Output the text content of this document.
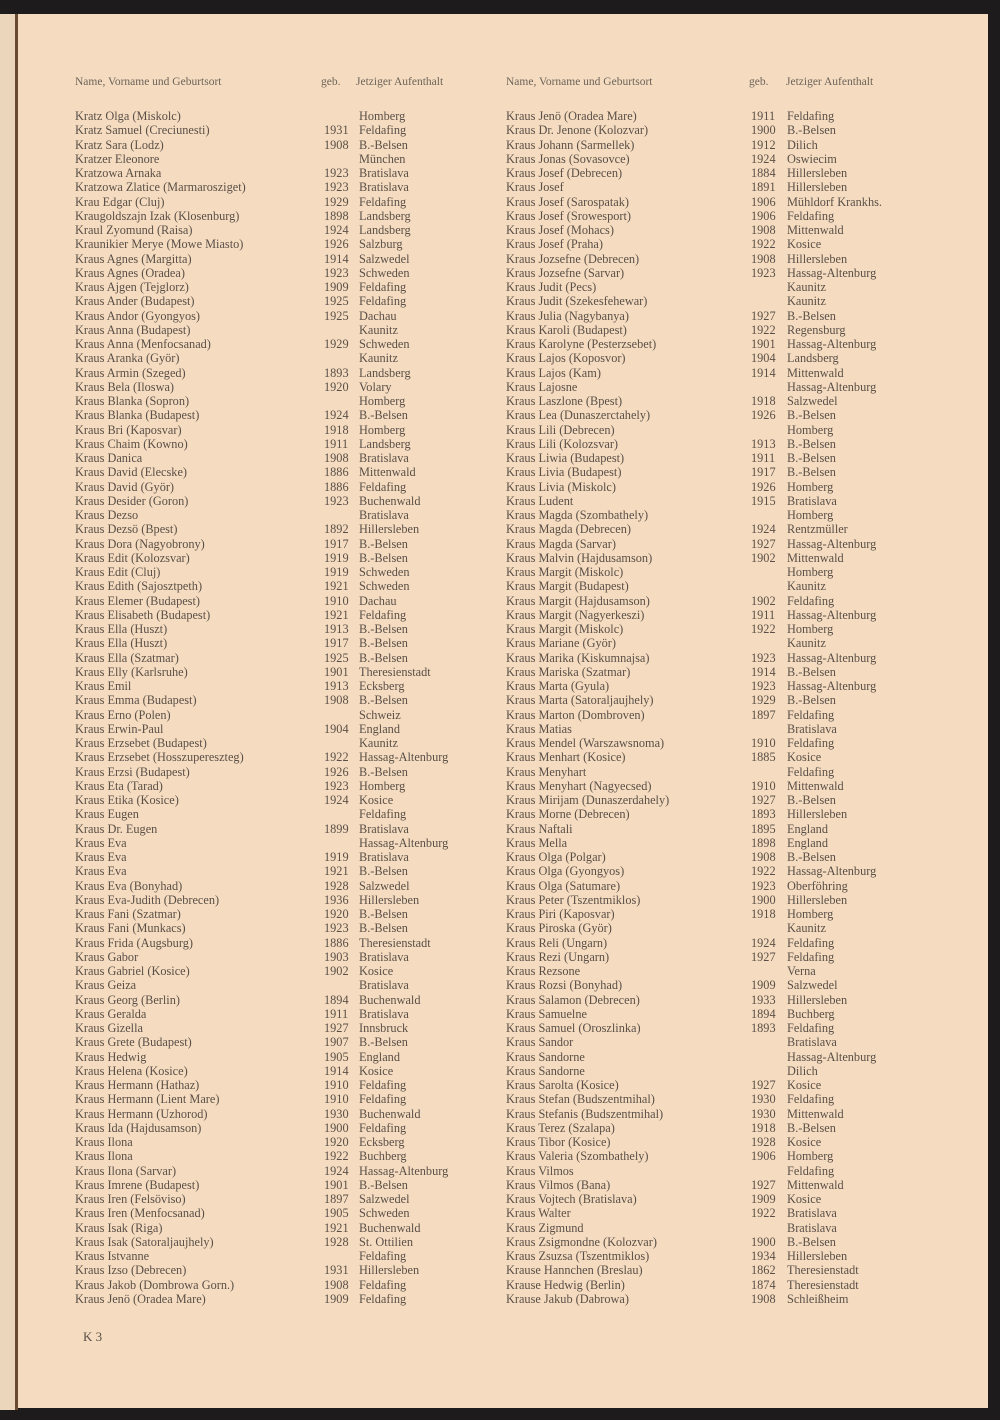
Name, Vorname und Geburtsort	geb. Jetziger Aufenthalt
Kratz Olga (Miskolc)	Homberg
Kratz Samuel (Creciunesti)	1931 Feldafing
Kratz Sara (Lodz)	1908 B.-Belsen
Kratzer Eleonore	München
Kratzowa Arnaka	1923 Bratislava
Kratzowa Zlatice (Marmarosziget)	1923 Bratislava
Krau Edgar (Cluj)	1929 Feldafing
Kraugoldszajn Izak (Klosenburg)	1898 Landsberg
Kraul Zyomund (Raisa)	1924 Landsberg
Kraunikier Merye (Mowe Miasto)	1926 Salzburg
Kraus Agnes (Margitta)	1914 Salzwedel
Kraus Agnes (Oradea)	1923 Schweden
Kraus Ajgen (Tejglorz)	1909 Feldafing
Kraus Ander (Budapest)	1925 Feldafing
Kraus Andor (Gyongyos)	1925 Dachau
Kraus Anna (Budapest)	Kaunitz
Kraus Anna (Menfocsanad)	1929 Schweden
Kraus Aranka (Györ)	Kaunitz
Kraus Armin (Szeged)	1893 Landsberg
Kraus Bela (Iloswa)	1920 Volary
Kraus Blanka (Sopron)	Homberg
Kraus Blanka (Budapest)	1924 B.-Belsen
Kraus Bri (Kaposvar)	1918 Homberg
Kraus Chaim (Kowno)	1911 Landsberg
Kraus Danica	1908 Bratislava
Kraus David (Elecske)	1886 Mittenwald
Kraus David (Györ)	1886 Feldafing
Kraus Desider (Goron)	1923 Buchenwald
Kraus Dezso	Bratislava
Kraus Dezsö (Bpest)	1892 Hillersleben
Kraus Dora (Nagyobrony)	1917 B.-Belsen
Kraus Edit (Kolozsvar)	1919 B.-Belsen
Kraus Edit (Cluj)	1919 Schweden
Kraus Edith (Sajosztpeth)	1921 Schweden
Kraus Elemer (Budapest)	1910 Dachau
Kraus Elisabeth (Budapest)	1921 Feldafing
Kraus Ella (Huszt)	1913 B.-Belsen
Kraus Ella (Huszt)	1917 B.-Belsen
Kraus Ella (Szatmar)	1925 B.-Belsen
Kraus Elly (Karlsruhe)	1901 Theresienstadt
Kraus Emil	1913 Ecksberg
Kraus Emma (Budapest)	1908 B.-Belsen
Kraus Erno (Polen)	Schweiz
Kraus Erwin-Paul	1904 England
Kraus Erzsebet (Budapest)	Kaunitz
Kraus Erzsebet (Hosszupereszteg)	1922 Hassag-Altenburg
Kraus Erzsi (Budapest)	1926 B.-Belsen
Kraus Eta (Tarad)	1923 Homberg
Kraus Etika (Kosice)	1924 Kosice
Kraus Eugen	Feldafing
Kraus Dr. Eugen	1899 Bratislava
Kraus Eva	Hassag-Altenburg
Kraus Eva	1919 Bratislava
Kraus Eva	1921 B.-Belsen
Kraus Eva (Bonyhad)	1928 Salzwedel
Kraus Eva-Judith (Debrecen)	1936 Hillersleben
Kraus Fani (Szatmar)	1920 B.-Belsen
Kraus Fani (Munkacs)	1923 B.-Belsen
Kraus Frida (Augsburg)	1886 Theresienstadt
Kraus Gabor	1903 Bratislava
Kraus Gabriel (Kosice)	1902 Kosice
Kraus Geiza	Bratislava
Kraus Georg (Berlin)	1894 Buchenwald
Kraus Geralda	1911 Bratislava
Kraus Gizella	1927 Innsbruck
Kraus Grete (Budapest)	1907 B.-Belsen
Kraus Hedwig	1905 England
Kraus Helena (Kosice)	1914 Kosice
Kraus Hermann (Hathaz)	1910 Feldafing
Kraus Hermann (Lient Mare)	1910 Feldafing
Kraus Hermann (Uzhorod)	1930 Buchenwald
Kraus Ida (Hajdusamson)	1900 Feldafing
Kraus Ilona	1920 Ecksberg
Kraus Ilona	1922 Buchberg
Kraus Ilona (Sarvar)	1924 Hassag-Altenburg
Kraus Imrene (Budapest)	1901 B.-Belsen
Kraus Iren (Felsöviso)	1897 Salzwedel
Kraus Iren (Menfocsanad)	1905 Schweden
Kraus Isak (Riga)	1921 Buchenwald
Kraus Isak (Satoraljaujhely)	1928 St. Ottilien
Kraus Istvanne	Feldafing
Kraus Izso (Debrecen)	1931 Hillersleben
Kraus Jakob (Dombrowa Gorn.)	1908 Feldafing
Kraus Jenö (Oradea Mare)	1909 Feldafing
Name, Vorname und Geburtsort	geb. Jetziger Aufenthalt
Kraus Jenö (Oradea Mare)	1911 Feldafing
Kraus Dr. Jenone (Kolozvar)	1900 B.-Belsen
Kraus Johann (Sarmellek)	1912 Dilich
Kraus Jonas (Sovasovce)	1924 Oswiecim
Kraus Josef (Debrecen)	1884 Hillersleben
Kraus Josef	1891 Hillersleben
Kraus Josef (Sarospatak)	1906 Mühldorf Krankhs.
Kraus Josef (Srowesport)	1906 Feldafing
Kraus Josef (Mohacs)	1908 Mittenwald
Kraus Josef (Praha)	1922 Kosice
Kraus Jozsefne (Debrecen)	1908 Hillersleben
Kraus Jozsefne (Sarvar)	1923 Hassag-Altenburg
Kraus Judit (Pecs)	Kaunitz
Kraus Judit (Szekesfehewar)	Kaunitz
Kraus Julia (Nagybanya)	1927 B.-Belsen
Kraus Karoli (Budapest)	1922 Regensburg
Kraus Karolyne (Pesterzsebet)	1901 Hassag-Altenburg
Kraus Lajos (Koposvor)	1904 Landsberg
Kraus Lajos (Kam)	1914 Mittenwald
Kraus Lajosne	Hassag-Altenburg
Kraus Laszlone (Bpest)	1918 Salzwedel
Kraus Lea (Dunaszerctahely)	1926 B.-Belsen
Kraus Lili (Debrecen)	Homberg
Kraus Lili (Kolozsvar)	1913 B.-Belsen
Kraus Liwia (Budapest)	1911 B.-Belsen
Kraus Livia (Budapest)	1917 B.-Belsen
Kraus Livia (Miskolc)	1926 Homberg
Kraus Ludent	1915 Bratislava
Kraus Magda (Szombathely)	Homberg
Kraus Magda (Debrecen)	1924 Rentzmüller
Kraus Magda (Sarvar)	1927 Hassag-Altenburg
Kraus Malvin (Hajdusamson)	1902 Mittenwald
Kraus Margit (Miskolc)	Homberg
Kraus Margit (Budapest)	Kaunitz
Kraus Margit (Hajdusamson)	1902 Feldafing
Kraus Margit (Nagyerkeszi)	1911 Hassag-Altenburg
Kraus Margit (Miskolc)	1922 Homberg
Kraus Mariane (Györ)	Kaunitz
Kraus Marika (Kiskumnajsa)	1923 Hassag-Altenburg
Kraus Mariska (Szatmar)	1914 B.-Belsen
Kraus Marta (Gyula)	1923 Hassag-Altenburg
Kraus Marta (Satoraljaujhely)	1929 B.-Belsen
Kraus Marton (Dombroven)	1897 Feldafing
Kraus Matias	Bratislava
Kraus Mendel (Warszawsnoma)	1910 Feldafing
Kraus Menhart (Kosice)	1885 Kosice
Kraus Menyhart	Feldafing
Kraus Menyhart (Nagyecsed)	1910 Mittenwald
Kraus Mirijam (Dunaszerdahely)	1927 B.-Belsen
Kraus Morne (Debrecen)	1893 Hillersleben
Kraus Naftali	1895 England
Kraus Mella	1898 England
Kraus Olga (Polgar)	1908 B.-Belsen
Kraus Olga (Gyongyos)	1922 Hassag-Altenburg
Kraus Olga (Satumare)	1923 Oberföhring
Kraus Peter (Tszentmiklos)	1900 Hillersleben
Kraus Piri (Kaposvar)	1918 Homberg
Kraus Piroska (Györ)	Kaunitz
Kraus Reli (Ungarn)	1924 Feldafing
Kraus Rezi (Ungarn)	1927 Feldafing
Kraus Rezsone	Verna
Kraus Rozsi (Bonyhad)	1909 Salzwedel
Kraus Salamon (Debrecen)	1933 Hillersleben
Kraus Samuelne	1894 Buchberg
Kraus Samuel (Oroszlinka)	1893 Feldafing
Kraus Sandor	Bratislava
Kraus Sandorne	Hassag-Altenburg
Kraus Sandorne	Dilich
Kraus Sarolta (Kosice)	1927 Kosice
Kraus Stefan (Budszentmihal)	1930 Feldafing
Kraus Stefanis (Budszentmihal)	1930 Mittenwald
Kraus Terez (Szalapa)	1918 B.-Belsen
Kraus Tibor (Kosice)	1928 Kosice
Kraus Valeria (Szombathely)	1906 Homberg
Kraus Vilmos	Feldafing
Kraus Vilmos (Bana)	1927 Mittenwald
Kraus Vojtech (Bratislava)	1909 Kosice
Kraus Walter	1922 Bratislava
Kraus Zigmund	Bratislava
Kraus Zsigmondne (Kolozvar)	1900 B.-Belsen
Kraus Zsuzsa (Tszentmiklos)	1934 Hillersleben
Krause Hannchen (Breslau)	1862 Theresienstadt
Krause Hedwig (Berlin)	1874 Theresienstadt
Krause Jakub (Dabrowa)	1908 Schleißheim
K 3
